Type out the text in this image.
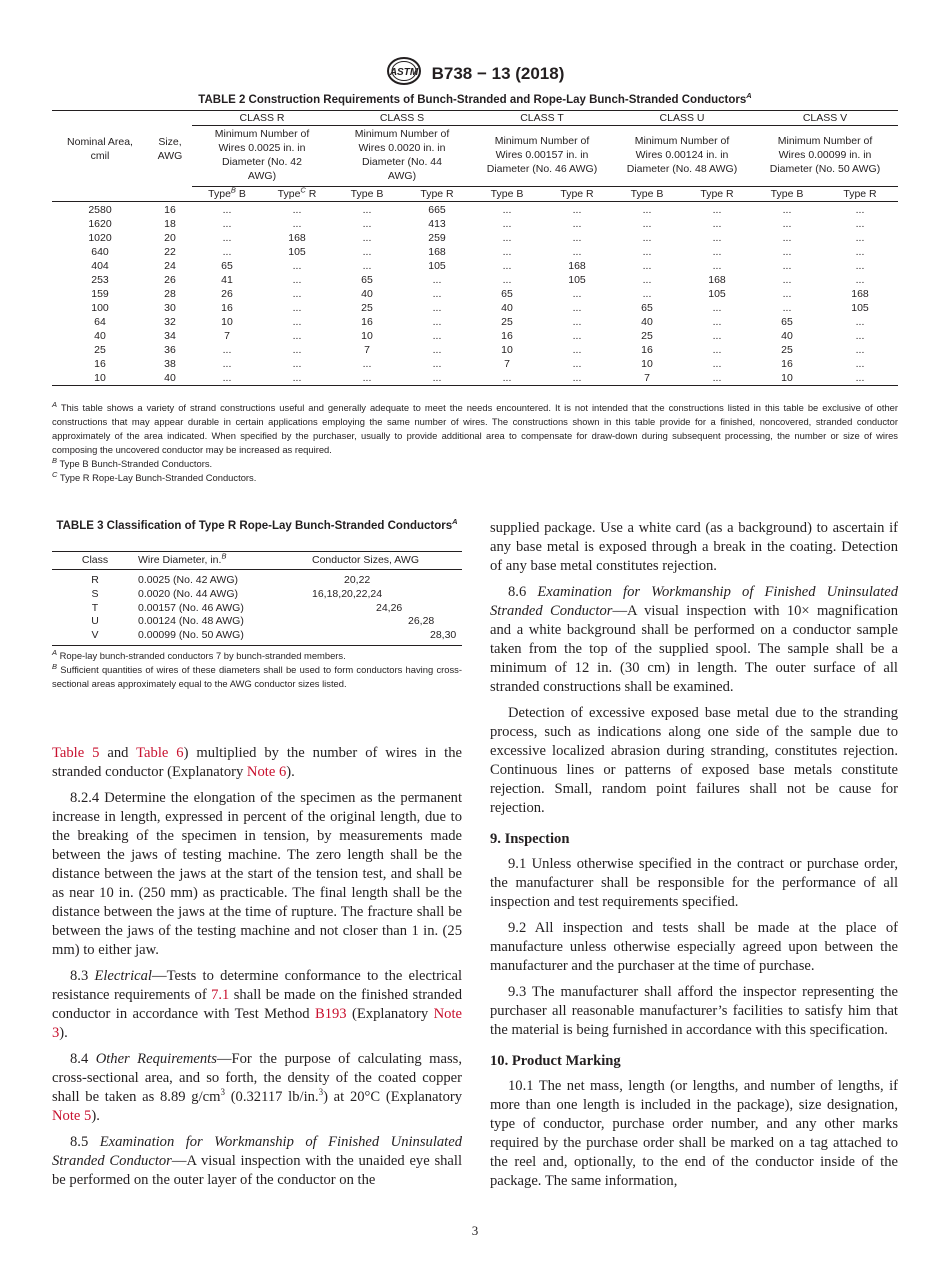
ASTM B738 − 13 (2018)
TABLE 2 Construction Requirements of Bunch-Stranded and Rope-Lay Bunch-Stranded Conductors$^A$
Nominal Area, cmil	Size, AWG	CLASS R		CLASS S		CLASS T		CLASS U		CLASS V	

		Minimum Number of Wires 0.0025 in. in Diameter (No. 42 AWG)		Minimum Number of Wires 0.0020 in. in Diameter (No. 44 AWG)		Minimum Number of Wires 0.00157 in. in Diameter (No. 46 AWG)		Minimum Number of Wires 0.00124 in. in Diameter (No. 48 AWG)		Minimum Number of Wires 0.00099 in. in Diameter (No. 50 AWG)	

		Type$^B$ B	Type$^C$ R	Type B	Type R	Type B	Type R	Type B	Type R	Type B	Type R
2580	16	...	...	...	665	...	...	...	...	...	...
1620	18	...	...	...	413	...	...	...	...	...	...
1020	20	...	168	...	259	...	...	...	...	...	...
640	22	...	105	...	168	...	...	...	...	...	...
404	24	65	...	...	105	...	168	...	...	...	...
253	26	41	...	65	...	...	105	...	168	...	...
159	28	26	...	40	...	65	...	...	105	...	168
100	30	16	...	25	...	40	...	65	...	...	105
64	32	10	...	16	...	25	...	40	...	65	...
40	34	7	...	10	...	16	...	25	...	40	...
25	36	...	...	7	...	10	...	16	...	25	...
16	38	...	...	...	...	7	...	10	...	16	...
10	40	...	...	...	...	...	...	7	...	10	...
$^A$ This table shows a variety of strand constructions useful and generally adequate to meet the needs encountered. It is not intended that the constructions listed in this table be exclusive of other constructions that may appear durable in certain applications employing the same number of wires. The constructions shown in this table provide for a finished, noncovered, stranded conductor approximately of the area indicated. When specified by the purchaser, usually to provide additional area to compensate for draw-down during subsequent processing, the number or size of wires composing the uncovered conductor may be increased as required.
$^B$ Type B Bunch-Stranded Conductors.
$^C$ Type R Rope-Lay Bunch-Stranded Conductors.
TABLE 3 Classification of Type R Rope-Lay Bunch-Stranded Conductors$^A$
Class	Wire Diameter, in.$^B$	Conductor Sizes, AWG
R	0.0025 (No. 42 AWG)	20,22
S	0.0020 (No. 44 AWG)	16,18,20,22,24
T	0.00157 (No. 46 AWG)	24,26
U	0.00124 (No. 48 AWG)	26,28
V	0.00099 (No. 50 AWG)	28,30
$^A$ Rope-lay bunch-stranded conductors 7 by bunch-stranded members.
$^B$ Sufficient quantities of wires of these diameters shall be used to form conductors having cross-sectional areas approximately equal to the AWG conductor sizes listed.

Table 5 and Table 6) multiplied by the number of wires in the stranded conductor (Explanatory Note 6).

8.2.4 Determine the elongation of the specimen as the permanent increase in length, expressed in percent of the original length, due to the breaking of the specimen in tension, by measurements made between the jaws of testing machine. The zero length shall be the distance between the jaws at the start of the tension test, and shall be as near 10 in. (250 mm) as practicable. The final length shall be the distance between the jaws at the time of rupture. The fracture shall be between the jaws of the testing machine and not closer than 1 in. (25 mm) to either jaw.

8.3 Electrical—Tests to determine conformance to the electrical resistance requirements of 7.1 shall be made on the finished stranded conductor in accordance with Test Method B193 (Explanatory Note 3).

8.4 Other Requirements—For the purpose of calculating mass, cross-sectional area, and so forth, the density of the coated copper shall be taken as 8.89 $g/cm^3$ (0.32117 lb/in.$^3$) at 20°C (Explanatory Note 5).

8.5 Examination for Workmanship of Finished Uninsulated Stranded Conductor—A visual inspection with the unaided eye shall be performed on the outer layer of the conductor on the

supplied package. Use a white card (as a background) to ascertain if any base metal is exposed through a break in the coating. Detection of any base metal constitutes rejection.

8.6 Examination for Workmanship of Finished Uninsulated Stranded Conductor—A visual inspection with 10× magnification and a white background shall be performed on a conductor sample taken from the top of the supplied spool. The sample shall be a minimum of 12 in. (30 cm) in length. The outer surface of all stranded constructions shall be examined.

Detection of excessive exposed base metal due to the stranding process, such as indications along one side of the sample due to excessive localized abrasion during stranding, constitutes rejection. Continuous lines or patterns of exposed base metals constitute rejection. Small, random point failures shall not be cause for rejection.

9. Inspection

9.1 Unless otherwise specified in the contract or purchase order, the manufacturer shall be responsible for the performance of all inspection and test requirements specified.

9.2 All inspection and tests shall be made at the place of manufacture unless otherwise especially agreed upon between the manufacturer and the purchaser at the time of purchase.

9.3 The manufacturer shall afford the inspector representing the purchaser all reasonable manufacturer’s facilities to satisfy him that the material is being furnished in accordance with this specification.

10. Product Marking

10.1 The net mass, length (or lengths, and number of lengths, if more than one length is included in the package), size designation, type of conductor, purchase order number, and any other marks required by the purchase order shall be marked on a tag attached to the reel and, optionally, to the end of the conductor inside of the package. The same information,

3
